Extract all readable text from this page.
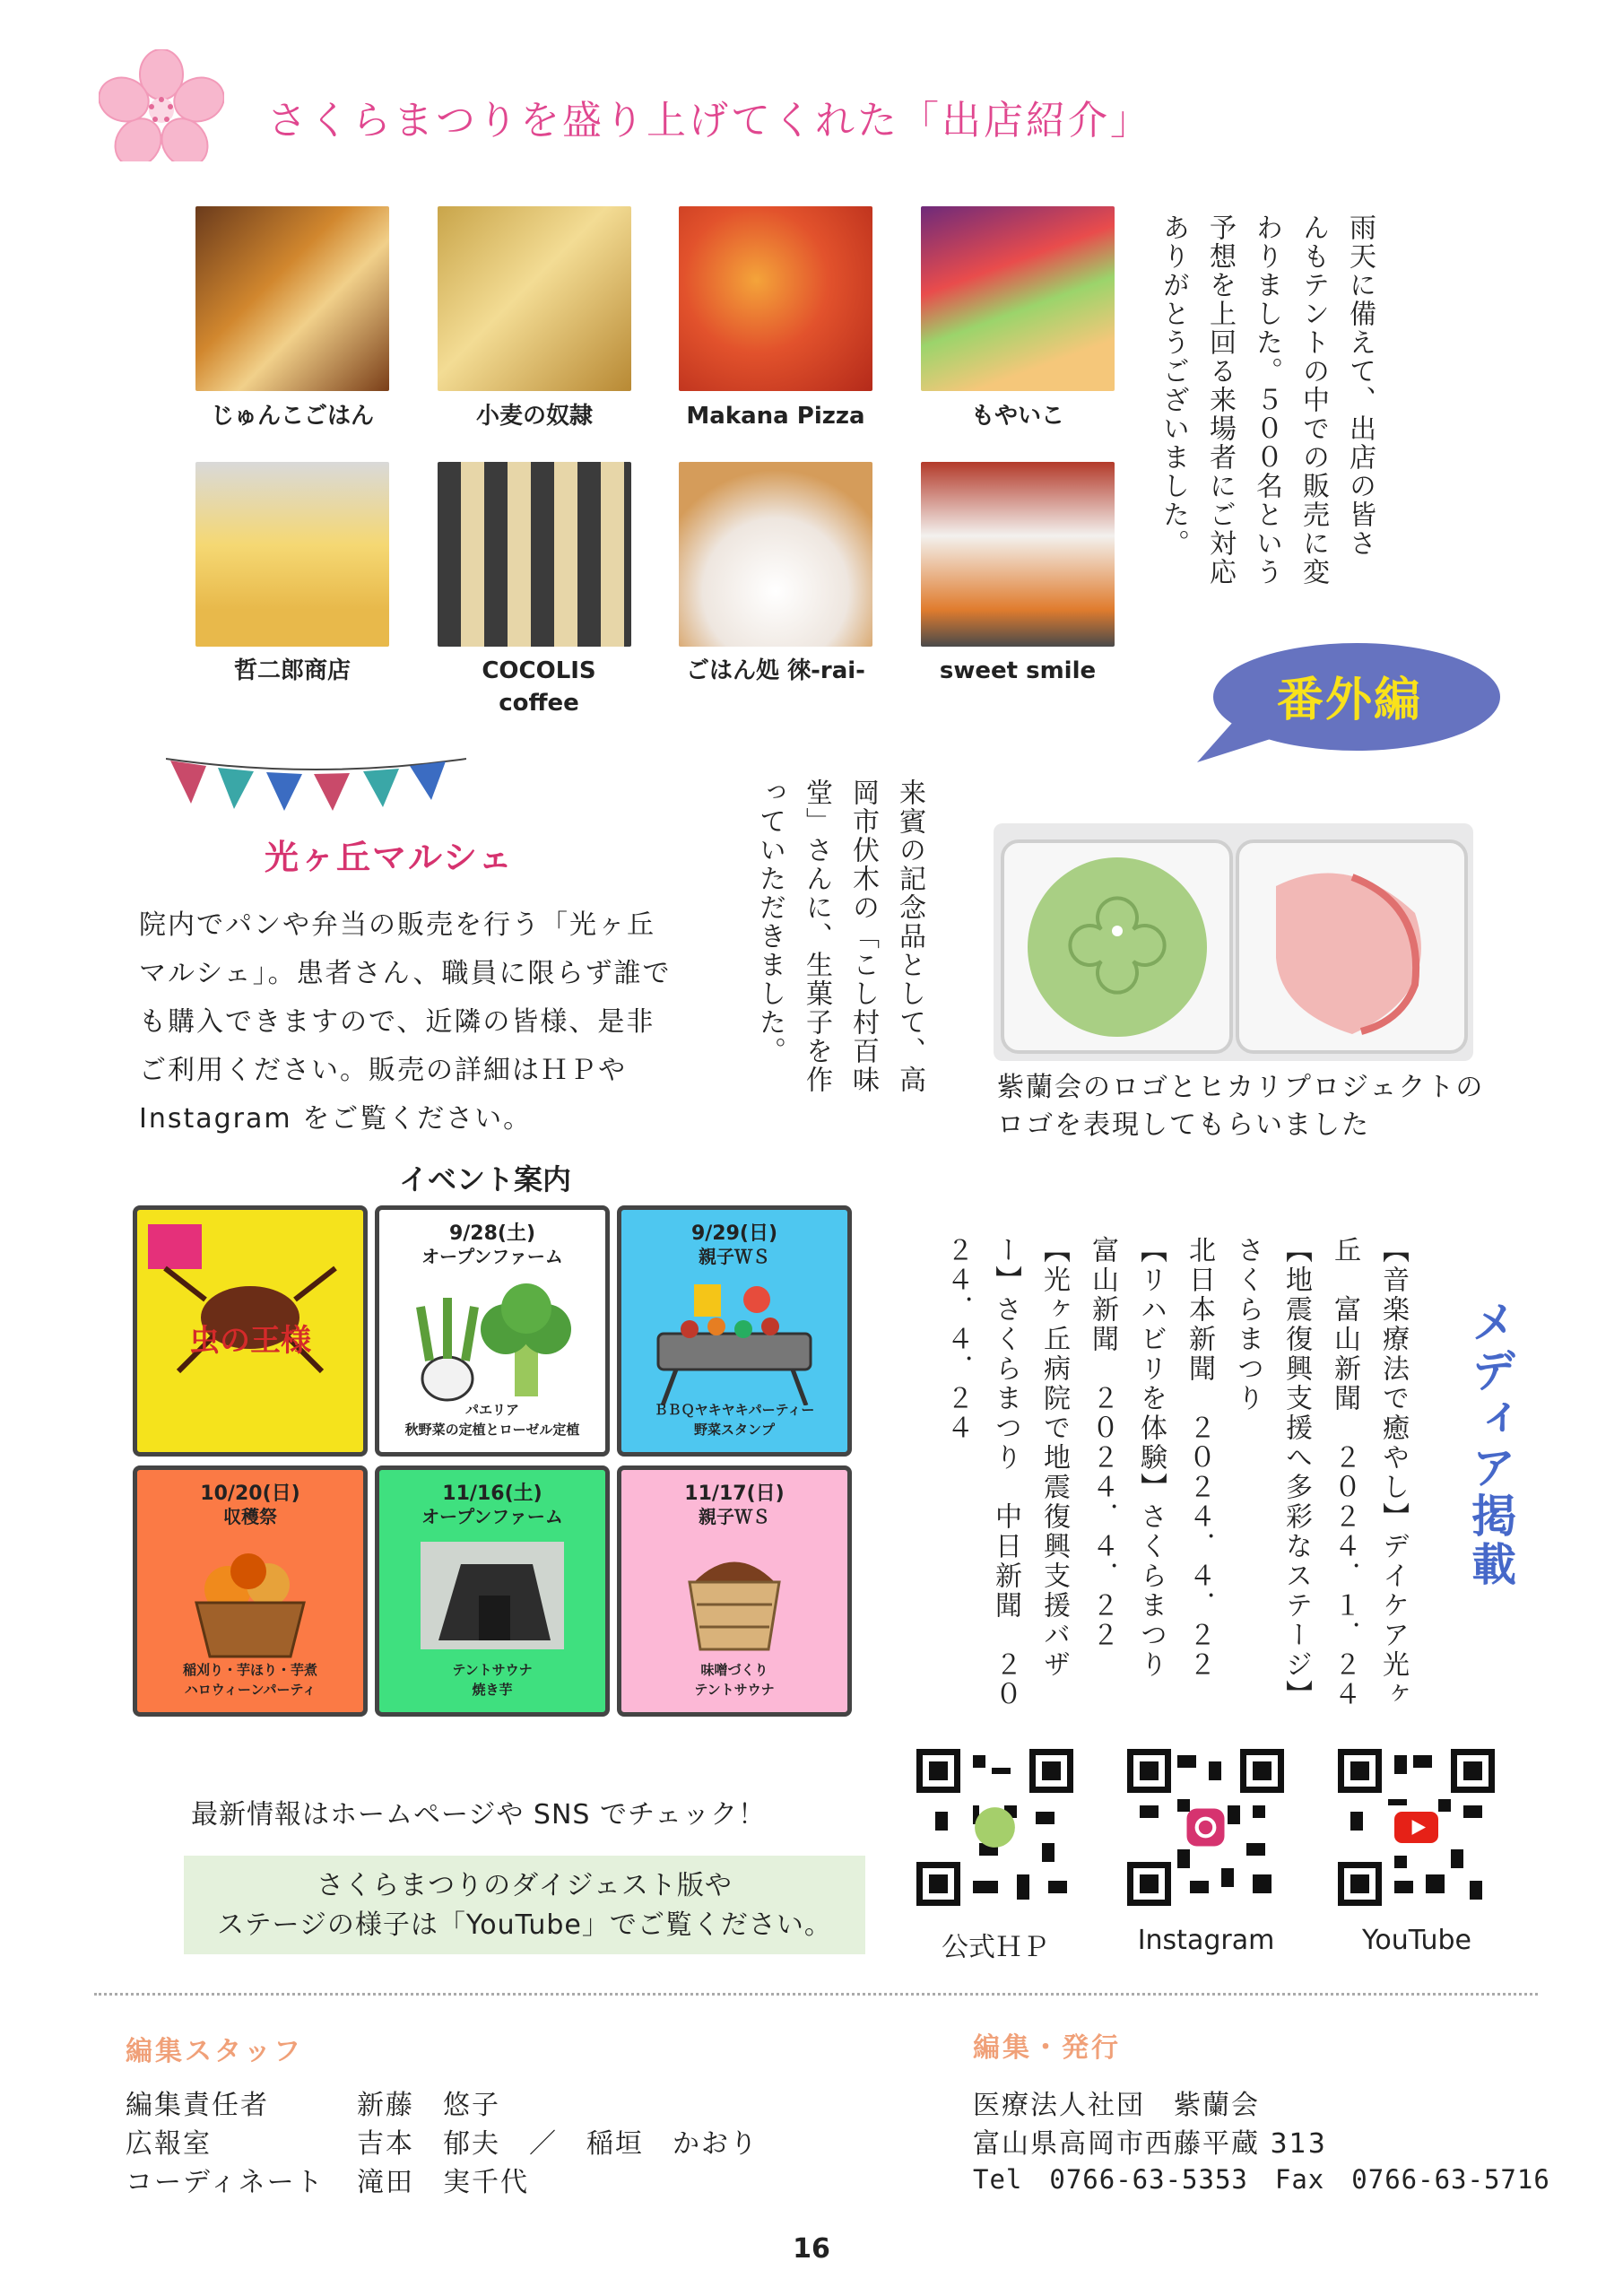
さくらまつりを盛り上げてくれた「出店紹介」
じゅんこごはん	小麦の奴隷	Makana Pizza	もやいこ
哲二郎商店	COCOLIS coffee
ごはん処 徠-rai-	sweet smile
雨天に備えて、出店の皆さ
んもテントの中での販売に変
わりました。５００名という
予想を上回る来場者にご対応
ありがとうございました。
番外編
光ヶ丘マルシェ
院内でパンや弁当の販売を行う「光ヶ丘マルシェ」。患者さん、職員に限らず誰でも購入できますので、近隣の皆様、是非ご利用ください。販売の詳細はＨＰやInstagram をご覧ください。
来賓の記念品として、高
岡市伏木の「こし村百味
堂」さんに、生菓子を作
っていただきました。
紫蘭会のロゴとヒカリプロジェクトのロゴを表現してもらいました
イベント案内
虫の王様
9/28(土)
オープンファーム
パエリア
秋野菜の定植とローゼル定植
9/29(日)
親子ＷＳ
ＢＢＱヤキヤキパーティー
野菜スタンプ
10/20(日)
収穫祭
稲刈り・芋ほり・芋煮
ハロウィーンパーティ
11/16(土)
オープンファーム
テントサウナ
焼き芋
11/17(日)
親子ＷＳ
味噌づくり
テントサウナ
メディア掲載
【音楽療法で癒やし】デイケア光ヶ
丘　富山新聞　２０２４．１．２４
【地震復興支援へ多彩なステージ】
さくらまつり
北日本新聞　２０２４．４．２２
【リハビリを体験】さくらまつり
富山新聞　２０２４．４．２２
【光ヶ丘病院で地震復興支援バザ
ー】さくらまつり　中日新聞　２０
２４．４．２４
最新情報はホームページや SNS でチェック！
さくらまつりのダイジェスト版や
ステージの様子は「YouTube」でご覧ください。
公式ＨＰ	Instagram	YouTube
編集スタッフ
編集責任者	新藤　悠子
広報室	吉本　郁夫　／　稲垣　かおり
コーディネート 滝田　実千代
編集・発行
医療法人社団　紫蘭会
富山県高岡市西藤平蔵 313
Tel　0766-63-5353　Fax　0766-63-5716
16
